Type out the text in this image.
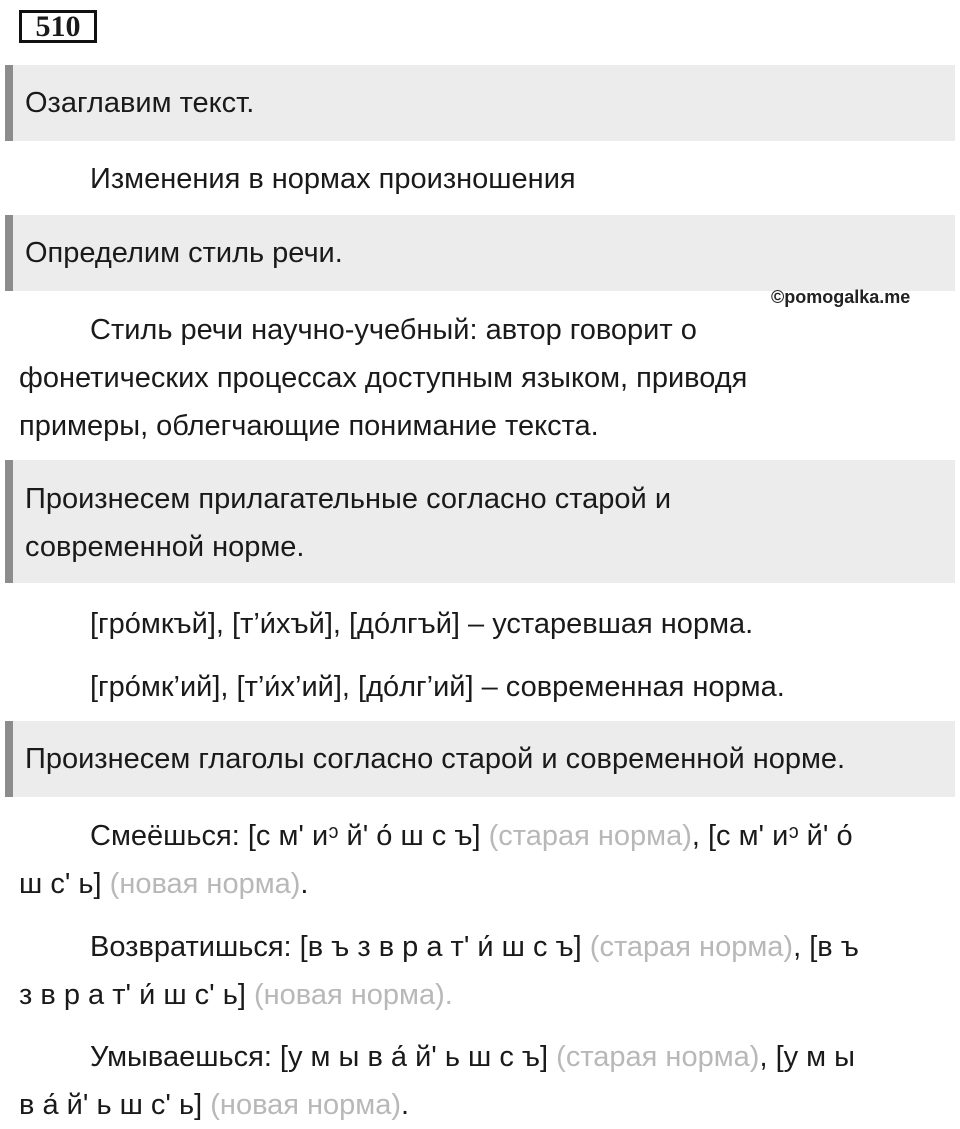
510
Озаглавим текст.
Изменения в нормах произношения
Определим стиль речи.
©pomogalka.me
Стиль речи научно-учебный: автор говорит о
фонетических процессах доступным языком, приводя
примеры, облегчающие понимание текста.
Произнесем прилагательные согласно старой и
современной норме.
[гро́мкъй], [т’и́хъй], [до́лгъй] – устаревшая норма.
[гро́мк’ий], [т’и́х’ий], [до́лг’ий] – современная норма.
Произнесем глаголы согласно старой и современной норме.
Смеёшься: [с м' иᵓ й' о́ ш с ъ] (старая норма), [с м' иᵓ й' о́
ш с' ь] (новая норма).
Возвратишься: [в ъ з в р а т' и́ ш с ъ] (старая норма), [в ъ
з в р а т' и́ ш с' ь] (новая норма).
Умываешься: [у м ы в а́ й' ь ш с ъ] (старая норма), [у м ы
в а́ й' ь ш с' ь] (новая норма).
